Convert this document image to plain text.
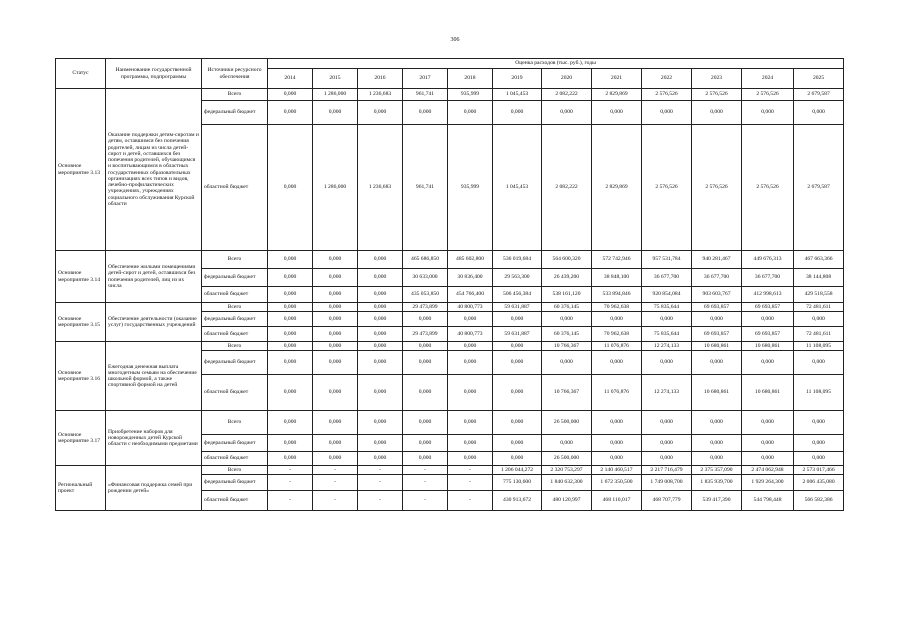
306
Статус	Наименование государственной программы, подпрограммы	Источники ресурсного обеспечения	Оценка расходов (тыс. руб.), годы											
			2014	2015	2016	2017	2018	2019	2020	2021	2022	2023	2024	2025
Основное мероприятие 3.13	Оказание поддержки детям-сиротам и детям, оставшимся без попечения родителей, лицам из числа детей-сирот и детей, оставшихся без попечения родителей, обучающимся и воспитывающимся в областных государственных образовательных организациях всех типов и видов, лечебно-профилактических учреждениях, учреждениях социального обслуживания Курской области	Всего	0,000	1 286,000	1 236,683	961,741	935,999	1 045,453	2 082,222	2 829,869	2 576,526	2 576,526	2 576,526	2 679,587
		федеральный бюджет	0,000	0,000	0,000	0,000	0,000	0,000	0,000	0,000	0,000	0,000	0,000	0,000
		областной бюджет	0,000	1 286,000	1 236,683	961,741	935,999	1 045,453	2 082,222	2 829,869	2 576,526	2 576,526	2 576,526	2 679,587
Основное мероприятие 3.14	Обеспечение жилыми помещениями детей-сирот и детей, оставшихся без попечения родителей, лиц из их числа	Всего	0,000	0,000	0,000	465 686,850	485 602,800	536 019,684	564 600,320	572 742,946	957 531,784	940 281,467	449 676,313	467 663,366
		федеральный бюджет	0,000	0,000	0,000	30 633,000	30 836,400	29 563,300	26 439,200	38 848,100	36 677,700	36 677,700	36 677,700	38 144,808
		областной бюджет	0,000	0,000	0,000	435 053,850	454 766,400	506 456,384	538 161,120	533 894,846	920 854,084	903 603,767	412 998,613	429 518,558
Основное мероприятие 3.15	Обеспечение деятельности (оказание услуг) государственных учреждений	Всего	0,000	0,000	0,000	29 473,899	40 800,773	59 631,887	60 376,145	70 962,638	75 835,644	69 693,857	69 693,857	72 481,611
		федеральный бюджет	0,000	0,000	0,000	0,000	0,000	0,000	0,000	0,000	0,000	0,000	0,000	0,000
		областной бюджет	0,000	0,000	0,000	29 473,899	40 800,773	59 631,887	60 376,145	70 962,638	75 835,644	69 693,857	69 693,857	72 481,611
Основное мероприятие 3.16	Ежегодная денежная выплата многодетным семьям на обеспечение школьной формой, а также спортивной формой на детей	Всего	0,000	0,000	0,000	0,000	0,000	0,000	10 766,367	11 076,876	12 274,133	10 680,861	10 680,861	11 108,095
		федеральный бюджет	0,000	0,000	0,000	0,000	0,000	0,000	0,000	0,000	0,000	0,000	0,000	0,000
		областной бюджет	0,000	0,000	0,000	0,000	0,000	0,000	10 766,367	11 076,876	12 274,133	10 680,861	10 680,861	11 108,095
Основное мероприятие 3.17	Приобретение наборов для новорожденных детей Курской области с необходимыми предметами	Всего	0,000	0,000	0,000	0,000	0,000	0,000	26 500,000	0,000	0,000	0,000	0,000	0,000
		федеральный бюджет	0,000	0,000	0,000	0,000	0,000	0,000	0,000	0,000	0,000	0,000	0,000	0,000
		областной бюджет	0,000	0,000	0,000	0,000	0,000	0,000	26 500,000	0,000	0,000	0,000	0,000	0,000
Региональный проект	«Финансовая поддержка семей при рождении детей»	Всего	-	-	-	-	-	1 206 044,272	2 320 753,297	2 140 460,517	2 217 716,479	2 375 357,090	2 474 062,948	2 573 017,466
		федеральный бюджет	-	-	-	-	-	775 130,600	1 840 632,300	1 672 350,500	1 749 008,700	1 835 939,700	1 929 264,300	2 006 435,080
		областной бюджет	-	-	-	-	-	430 913,672	480 120,997	468 110,017	468 707,779	539 417,390	544 798,448	566 582,386
